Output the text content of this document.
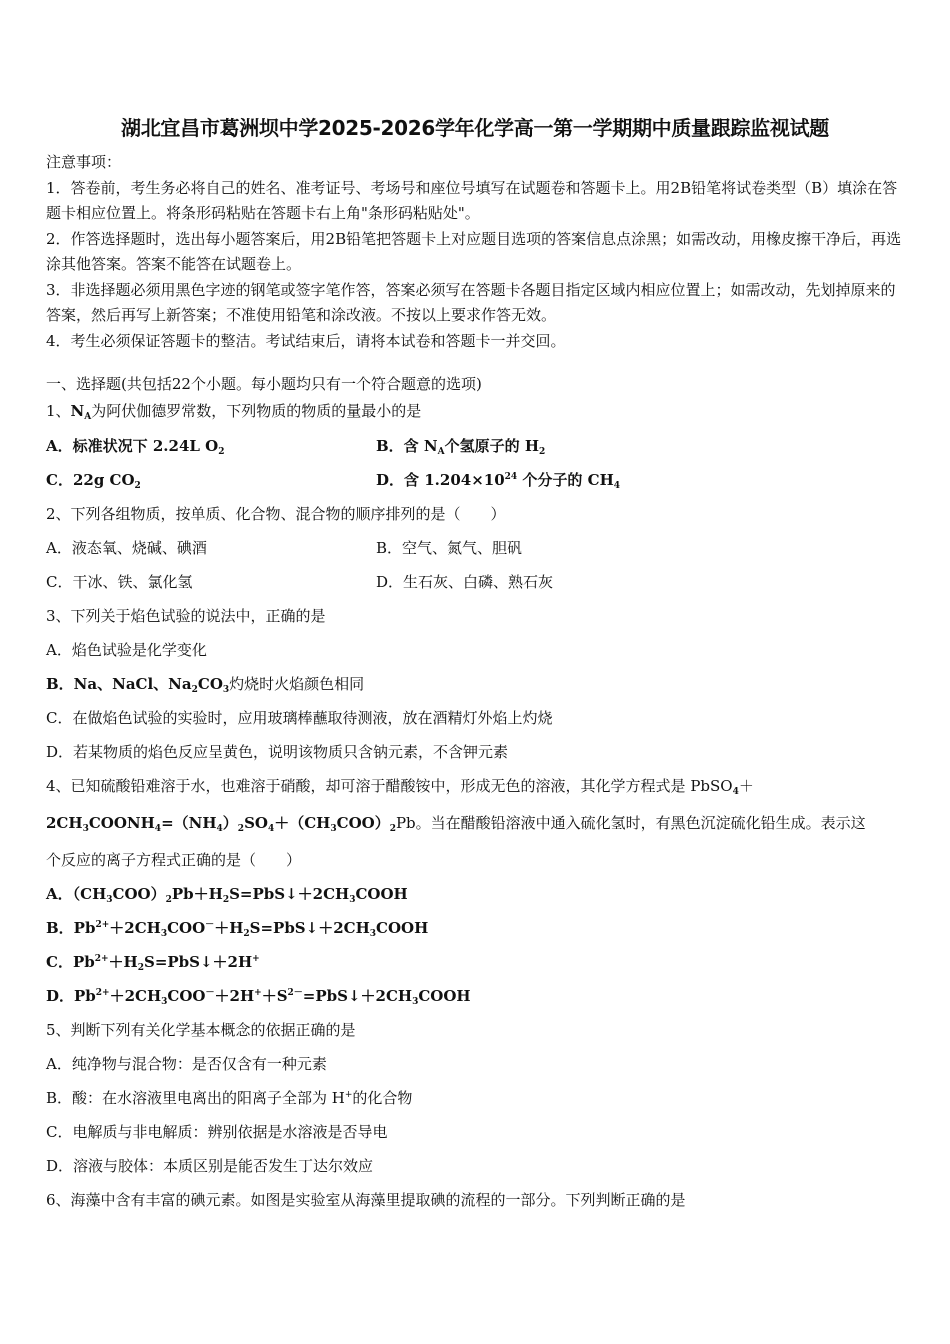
湖北宜昌市葛洲坝中学2025-2026学年化学高一第一学期期中质量跟踪监视试题
注意事项：
1．答卷前，考生务必将自己的姓名、准考证号、考场号和座位号填写在试题卷和答题卡上。用2B铅笔将试卷类型（B）填涂在答题卡相应位置上。将条形码粘贴在答题卡右上角"条形码粘贴处"。
2．作答选择题时，选出每小题答案后，用2B铅笔把答题卡上对应题目选项的答案信息点涂黑；如需改动，用橡皮擦干净后，再选涂其他答案。答案不能答在试题卷上。
3．非选择题必须用黑色字迹的钢笔或签字笔作答，答案必须写在答题卡各题目指定区域内相应位置上；如需改动，先划掉原来的答案，然后再写上新答案；不准使用铅笔和涂改液。不按以上要求作答无效。
4．考生必须保证答题卡的整洁。考试结束后，请将本试卷和答题卡一并交回。
一、选择题(共包括22个小题。每小题均只有一个符合题意的选项)
1、$N_A$为阿伏伽德罗常数，下列物质的物质的量最小的是
A．标准状况下 2.24L $O_2$	B．含 $N_A$个氢原子的 $H_2$
C．22g $CO_2$	D．含 $1.204\times 10^{24}$ 个分子的 $CH_4$
2、下列各组物质，按单质、化合物、混合物的顺序排列的是（　　）
A．液态氧、烧碱、碘酒	B．空气、氮气、胆矾
C．干冰、铁、氯化氢	D．生石灰、白磷、熟石灰
3、下列关于焰色试验的说法中，正确的是
A．焰色试验是化学变化
B．Na、NaCl、$Na_2CO_3$灼烧时火焰颜色相同
C．在做焰色试验的实验时，应用玻璃棒蘸取待测液，放在酒精灯外焰上灼烧
D．若某物质的焰色反应呈黄色，说明该物质只含钠元素，不含钾元素
4、已知硫酸铅难溶于水，也难溶于硝酸，却可溶于醋酸铵中，形成无色的溶液，其化学方程式是 PbSO$_4$＋
$2CH_3COONH_4=(NH_4)_2SO_4+(CH_3COO)_2Pb$。当在醋酸铅溶液中通入硫化氢时，有黑色沉淀硫化铅生成。表示这
个反应的离子方程式正确的是（　　）
A．$(CH_3COO)_2Pb+H_2S=PbS↓+2CH_3COOH$
B．$Pb^{2+}+2CH_3COO^-+H_2S=PbS↓+2CH_3COOH$
C．$Pb^{2+}+H_2S=PbS↓+2H^+$
D．$Pb^{2+}+2CH_3COO^-+2H^++S^{2-}=PbS↓+2CH_3COOH$
5、判断下列有关化学基本概念的依据正确的是
A．纯净物与混合物：是否仅含有一种元素
B．酸：在水溶液里电离出的阳离子全部为 H+的化合物
C．电解质与非电解质：辨别依据是水溶液是否导电
D．溶液与胶体：本质区别是能否发生丁达尔效应
6、海藻中含有丰富的碘元素。如图是实验室从海藻里提取碘的流程的一部分。下列判断正确的是
